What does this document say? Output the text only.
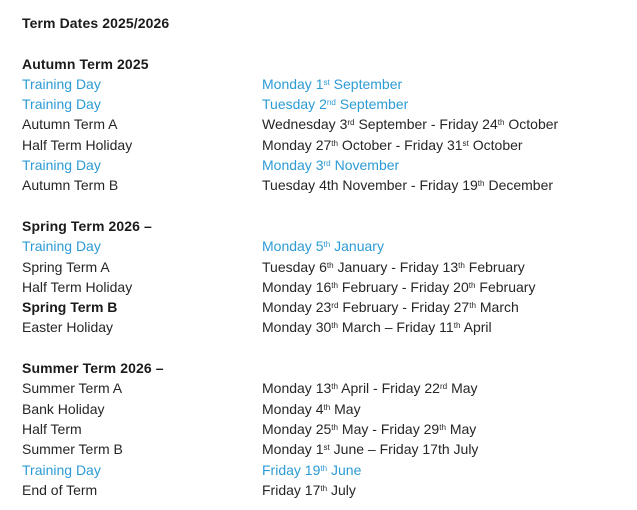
Term Dates 2025/2026
Autumn Term 2025
Training Day	Monday 1st September
Training Day	Tuesday 2nd September
Autumn Term A	Wednesday 3rd September - Friday 24th October
Half Term Holiday	Monday 27th October - Friday 31st October
Training Day	Monday 3rd November
Autumn Term B	Tuesday 4th November - Friday 19th December
Spring Term 2026 –
Training Day	Monday 5th January
Spring Term A	Tuesday 6th January - Friday 13th February
Half Term Holiday	Monday 16th February - Friday 20th February
Spring Term B	Monday 23rd February - Friday 27th March
Easter Holiday	Monday 30th March – Friday 11th April
Summer Term 2026 –
Summer Term A	Monday 13th April - Friday 22rd May
Bank Holiday	Monday 4th May
Half Term	Monday 25th May - Friday 29th May
Summer Term B	Monday 1st June – Friday 17th July
Training Day	Friday 19th June
End of Term	Friday 17th July
